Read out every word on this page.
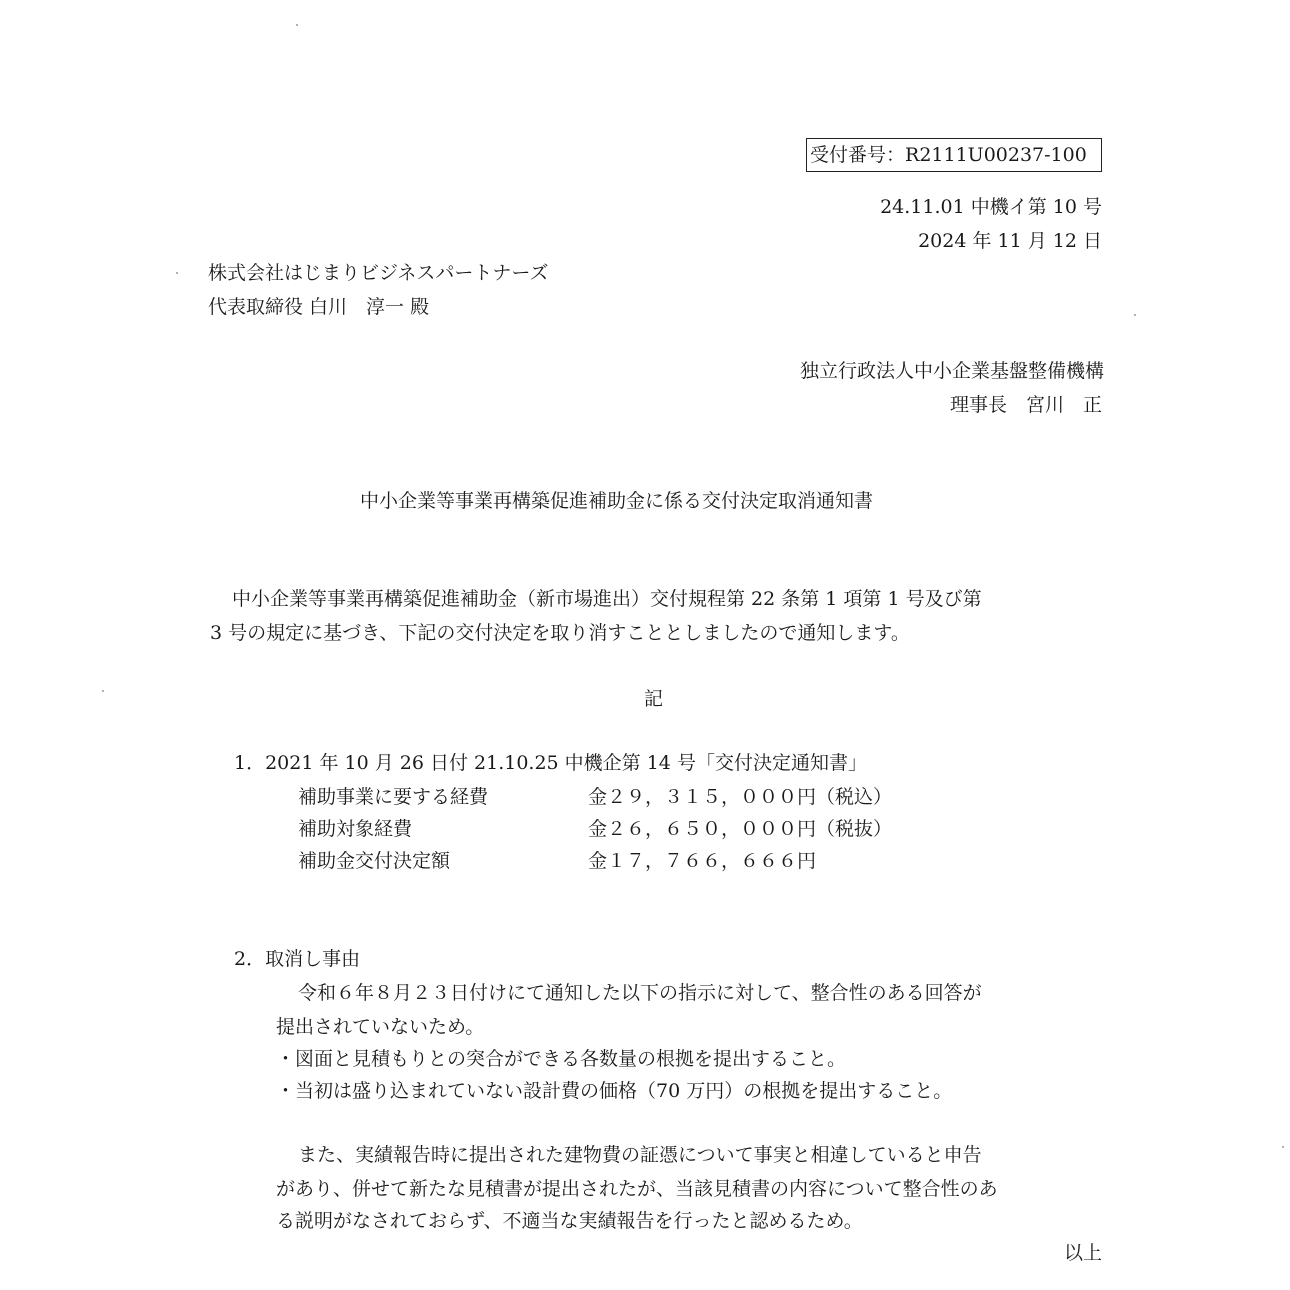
受付番号：R2111U00237-100
24.11.01 中機イ第 10 号
2024 年 11 月 12 日
株式会社はじまりビジネスパートナーズ
代表取締役 白川　淳一 殿
独立行政法人中小企業基盤整備機構
理事長　宮川　正
中小企業等事業再構築促進補助金に係る交付決定取消通知書
中小企業等事業再構築促進補助金（新市場進出）交付規程第 22 条第 1 項第 1 号及び第
3 号の規定に基づき、下記の交付決定を取り消すこととしましたので通知します。
記
1．2021 年 10 月 26 日付 21.10.25 中機企第 14 号「交付決定通知書」
補助事業に要する経費	金２９，３１５，０００円（税込）
補助対象経費	金２６，６５０，０００円（税抜）
補助金交付決定額	金１７，７６６，６６６円
2．取消し事由
令和６年８月２３日付けにて通知した以下の指示に対して、整合性のある回答が
提出されていないため。
・図面と見積もりとの突合ができる各数量の根拠を提出すること。
・当初は盛り込まれていない設計費の価格（70 万円）の根拠を提出すること。
また、実績報告時に提出された建物費の証憑について事実と相違していると申告
があり、併せて新たな見積書が提出されたが、当該見積書の内容について整合性のあ
る説明がなされておらず、不適当な実績報告を行ったと認めるため。
以上
